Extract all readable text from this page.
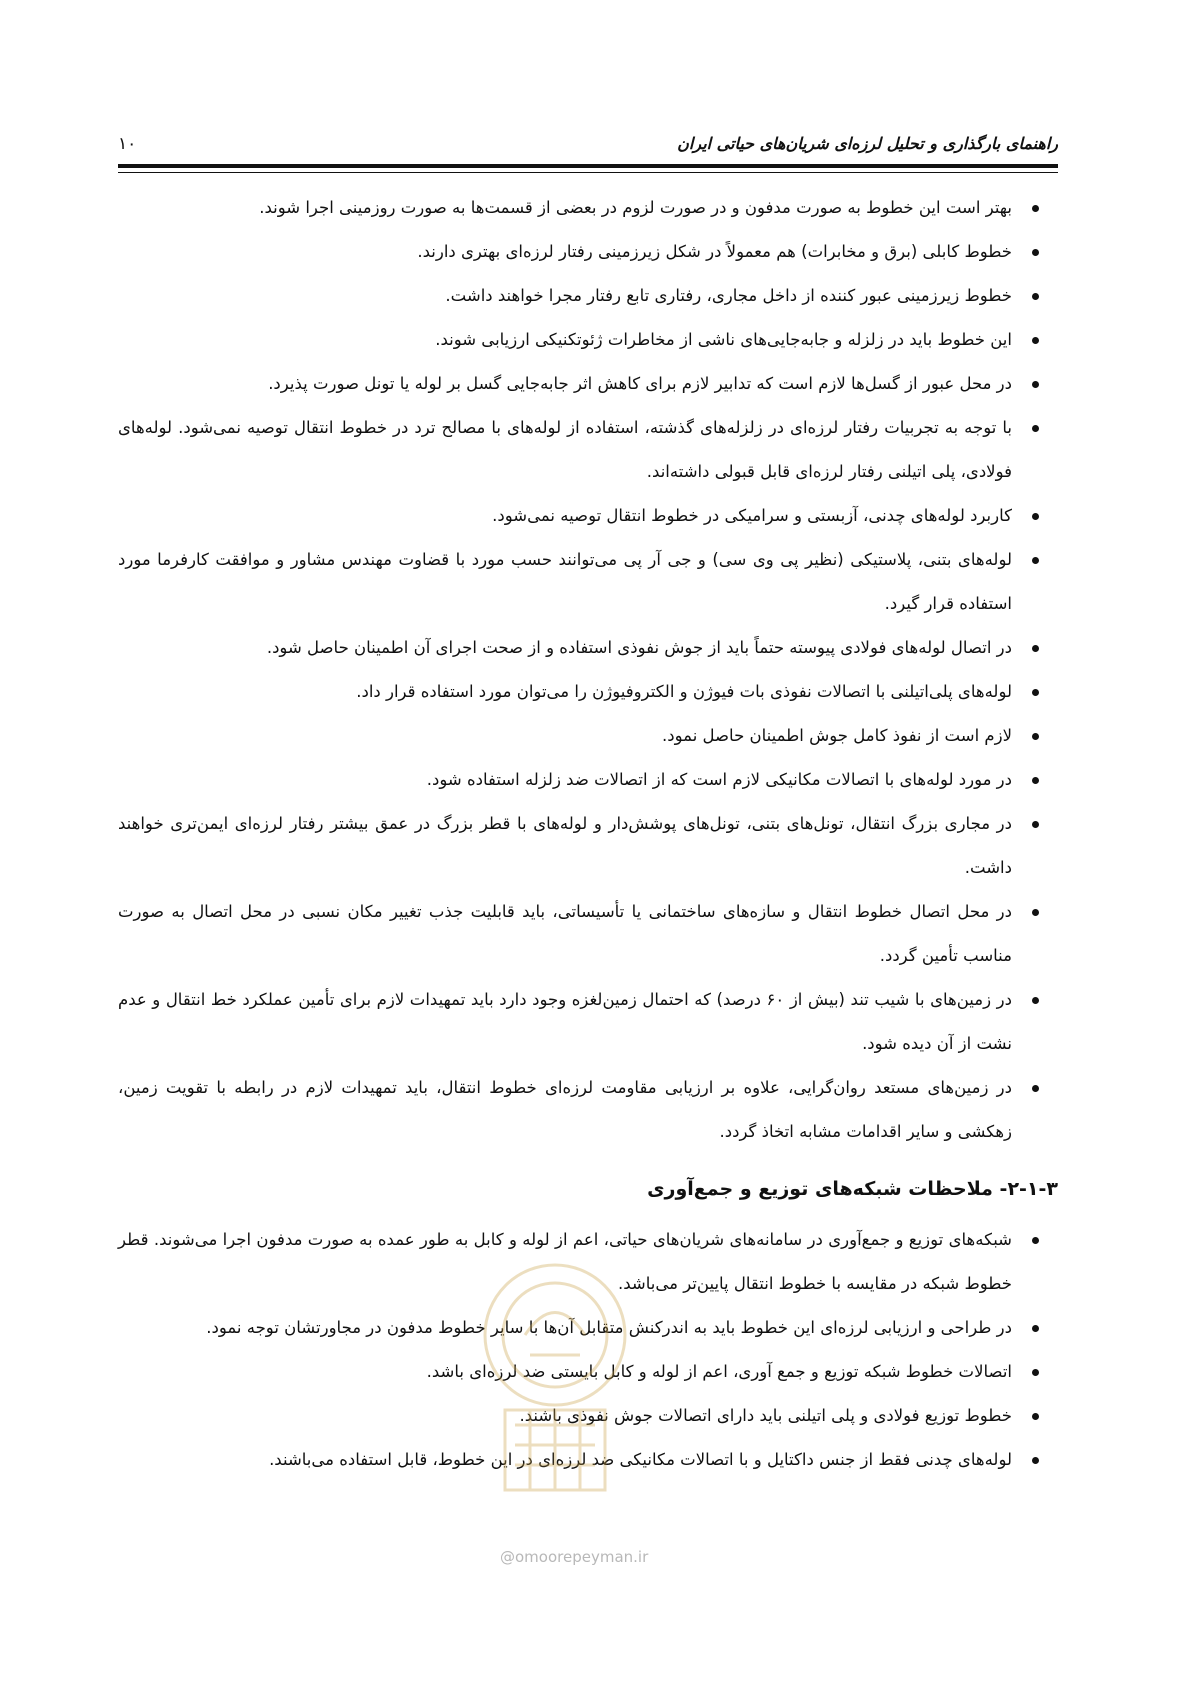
راهنمای بارگذاری و تحلیل لرزه‌ای شریان‌های حیاتی ایران
۱۰
بهتر است این خطوط به صورت مدفون و در صورت لزوم در بعضی از قسمت‌ها به صورت روزمینی اجرا شوند.
خطوط کابلی (برق و مخابرات) هم معمولاً در شکل زیرزمینی رفتار لرزه‌ای بهتری دارند.
خطوط زیرزمینی عبور کننده از داخل مجاری، رفتاری تابع رفتار مجرا خواهند داشت.
این خطوط باید در زلزله و جابه‌جایی‌های ناشی از مخاطرات ژئوتکنیکی ارزیابی شوند.
در محل عبور از گسل‌ها لازم است که تدابیر لازم برای کاهش اثر جابه‌جایی گسل بر لوله یا تونل صورت پذیرد.
با توجه به تجربیات رفتار لرزه‌ای در زلزله‌های گذشته، استفاده از لوله‌های با مصالح ترد در خطوط انتقال توصیه نمی‌شود. لوله‌های فولادی، پلی اتیلنی رفتار لرزه‌ای قابل قبولی داشته‌اند.
کاربرد لوله‌های چدنی، آزبستی و سرامیکی در خطوط انتقال توصیه نمی‌شود.
لوله‌های بتنی، پلاستیکی (نظیر پی وی سی) و جی آر پی می‌توانند حسب مورد با قضاوت مهندس مشاور و موافقت کارفرما مورد استفاده قرار گیرد.
در اتصال لوله‌های فولادی پیوسته حتماً باید از جوش نفوذی استفاده و از صحت اجرای آن اطمینان حاصل شود.
لوله‌های پلی‌اتیلنی با اتصالات نفوذی بات فیوژن و الکتروفیوژن را می‌توان مورد استفاده قرار داد.
لازم است از نفوذ کامل جوش اطمینان حاصل نمود.
در مورد لوله‌های با اتصالات مکانیکی لازم است که از اتصالات ضد زلزله استفاده شود.
در مجاری بزرگ انتقال، تونل‌های بتنی، تونل‌های پوشش‌دار و لوله‌های با قطر بزرگ در عمق بیشتر رفتار لرزه‌ای ایمن‌تری خواهند داشت.
در محل اتصال خطوط انتقال و سازه‌های ساختمانی یا تأسیساتی، باید قابلیت جذب تغییر مکان نسبی در محل اتصال به صورت مناسب تأمین گردد.
در زمین‌های با شیب تند (بیش از ۶۰ درصد) که احتمال زمین‌لغزه وجود دارد باید تمهیدات لازم برای تأمین عملکرد خط انتقال و عدم نشت از آن دیده شود.
در زمین‌های مستعد روان‌گرایی، علاوه بر ارزیابی مقاومت لرزه‌ای خطوط انتقال، باید تمهیدات لازم در رابطه با تقویت زمین، زهکشی و سایر اقدامات مشابه اتخاذ گردد.
۲-۱-۳- ملاحظات شبکه‌های توزیع و جمع‌آوری
شبکه‌های توزیع و جمع‌آوری در سامانه‌های شریان‌های حیاتی، اعم از لوله و کابل به طور عمده به صورت مدفون اجرا می‌شوند. قطر خطوط شبکه در مقایسه با خطوط انتقال پایین‌تر می‌باشد.
در طراحی و ارزیابی لرزه‌ای این خطوط باید به اندرکنش متقابل آن‌ها با سایر خطوط مدفون در مجاورتشان توجه نمود.
اتصالات خطوط شبکه توزیع و جمع آوری، اعم از لوله و کابل بایستی ضد لرزه‌ای باشد.
خطوط توزیع فولادی و پلی اتیلنی باید دارای اتصالات جوش نفوذی باشند.
لوله‌های چدنی فقط از جنس داکتایل و با اتصالات مکانیکی ضد لرزه‌ای در این خطوط، قابل استفاده می‌باشند.
@omoorepeyman.ir
